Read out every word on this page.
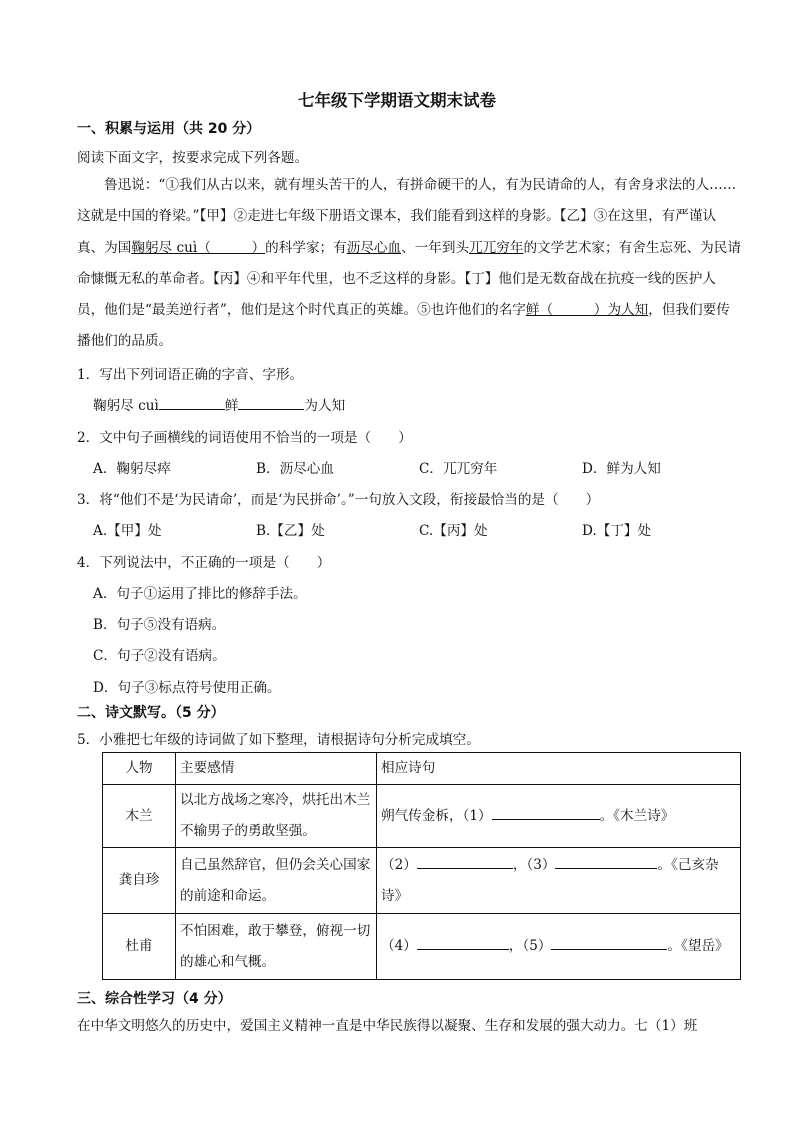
七年级下学期语文期末试卷
一、积累与运用（共 20 分）
阅读下面文字，按要求完成下列各题。
鲁迅说：“①我们从古以来，就有埋头苦干的人，有拼命硬干的人，有为民请命的人，有舍身求法的人……这就是中国的脊梁。”【甲】②走进七年级下册语文课本，我们能看到这样的身影。【乙】③在这里，有严谨认真、为国鞠躬尽 cuì（　　　）的科学家；有沥尽心血、一年到头兀兀穷年的文学艺术家；有舍生忘死、为民请命慷慨无私的革命者。【丙】④和平年代里，也不乏这样的身影。【丁】他们是无数奋战在抗疫一线的医护人员，他们是“最美逆行者”，他们是这个时代真正的英雄。⑤也许他们的名字鲜（　　　）为人知，但我们要传播他们的品质。
1．写出下列词语正确的字音、字形。
鞠躬尽 cuì	鲜	为人知
2．文中句子画横线的词语使用不恰当的一项是（　　）
A．鞠躬尽瘁	B．沥尽心血	C．兀兀穷年	D．鲜为人知
3．将“他们不是‘为民请命’，而是‘为民拼命’。”一句放入文段，衔接最恰当的是（　　）
A.【甲】处	B.【乙】处	C.【丙】处	D.【丁】处
4．下列说法中，不正确的一项是（　　）
A．句子①运用了排比的修辞手法。
B．句子⑤没有语病。
C．句子②没有语病。
D．句子③标点符号使用正确。
二、诗文默写。（5 分）
5．小雅把七年级的诗词做了如下整理，请根据诗句分析完成填空。
人物	主要感情	相应诗句
木兰	以北方战场之寒冷，烘托出木兰不输男子的勇敢坚强。	朔气传金柝，（1） 。《木兰诗》
龚自珍	自己虽然辞官，但仍会关心国家的前途和命运。	（2） ，（3） 。《己亥杂诗》
杜甫	不怕困难，敢于攀登，俯视一切的雄心和气概。	（4） ，（5） 。《望岳》
三、综合性学习（4 分）
在中华文明悠久的历史中，爱国主义精神一直是中华民族得以凝聚、生存和发展的强大动力。七（1）班
